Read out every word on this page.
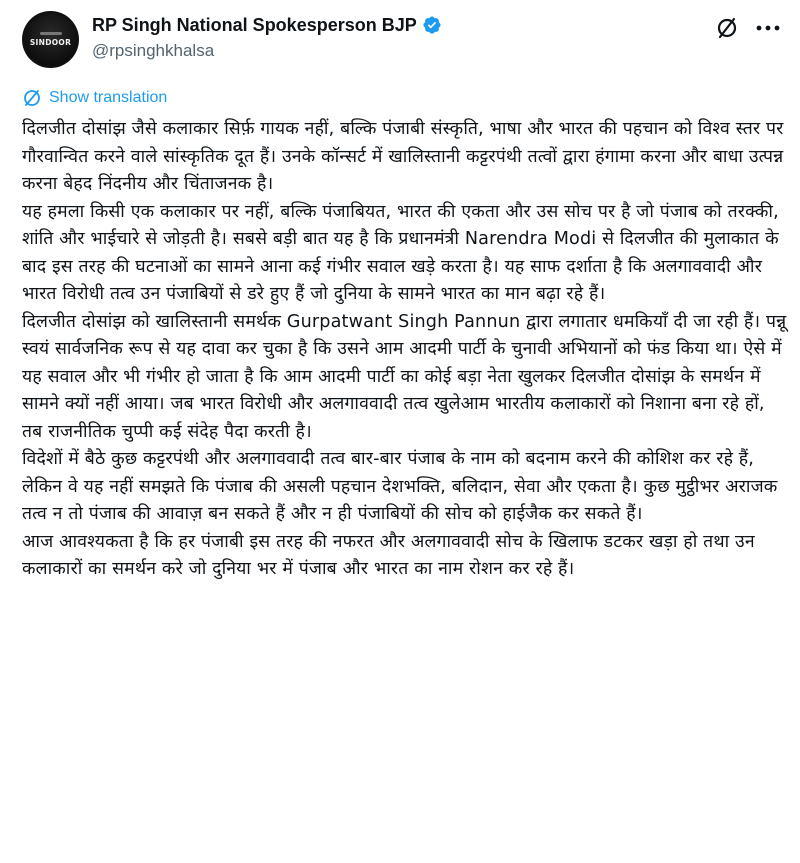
SINDOOR
RP Singh National Spokesperson BJP
@rpsinghkhalsa
Show translation

दिलजीत दोसांझ जैसे कलाकार सिर्फ़ गायक नहीं, बल्कि पंजाबी संस्कृति, भाषा और भारत की पहचान को विश्व स्तर पर गौरवान्वित करने वाले सांस्कृतिक दूत हैं। उनके कॉन्सर्ट में खालिस्तानी कट्टरपंथी तत्वों द्वारा हंगामा करना और बाधा उत्पन्न करना बेहद निंदनीय और चिंताजनक है।

यह हमला किसी एक कलाकार पर नहीं, बल्कि पंजाबियत, भारत की एकता और उस सोच पर है जो पंजाब को तरक्की, शांति और भाईचारे से जोड़ती है। सबसे बड़ी बात यह है कि प्रधानमंत्री Narendra Modi से दिलजीत की मुलाकात के बाद इस तरह की घटनाओं का सामने आना कई गंभीर सवाल खड़े करता है। यह साफ दर्शाता है कि अलगाववादी और भारत विरोधी तत्व उन पंजाबियों से डरे हुए हैं जो दुनिया के सामने भारत का मान बढ़ा रहे हैं।

दिलजीत दोसांझ को खालिस्तानी समर्थक Gurpatwant Singh Pannun द्वारा लगातार धमकियाँ दी जा रही हैं। पन्नू स्वयं सार्वजनिक रूप से यह दावा कर चुका है कि उसने आम आदमी पार्टी के चुनावी अभियानों को फंड किया था। ऐसे में यह सवाल और भी गंभीर हो जाता है कि आम आदमी पार्टी का कोई बड़ा नेता खुलकर दिलजीत दोसांझ के समर्थन में सामने क्यों नहीं आया। जब भारत विरोधी और अलगाववादी तत्व खुलेआम भारतीय कलाकारों को निशाना बना रहे हों, तब राजनीतिक चुप्पी कई संदेह पैदा करती है।

विदेशों में बैठे कुछ कट्टरपंथी और अलगाववादी तत्व बार-बार पंजाब के नाम को बदनाम करने की कोशिश कर रहे हैं, लेकिन वे यह नहीं समझते कि पंजाब की असली पहचान देशभक्ति, बलिदान, सेवा और एकता है। कुछ मुट्ठीभर अराजक तत्व न तो पंजाब की आवाज़ बन सकते हैं और न ही पंजाबियों की सोच को हाईजैक कर सकते हैं।

आज आवश्यकता है कि हर पंजाबी इस तरह की नफरत और अलगाववादी सोच के खिलाफ डटकर खड़ा हो तथा उन कलाकारों का समर्थन करे जो दुनिया भर में पंजाब और भारत का नाम रोशन कर रहे हैं।
